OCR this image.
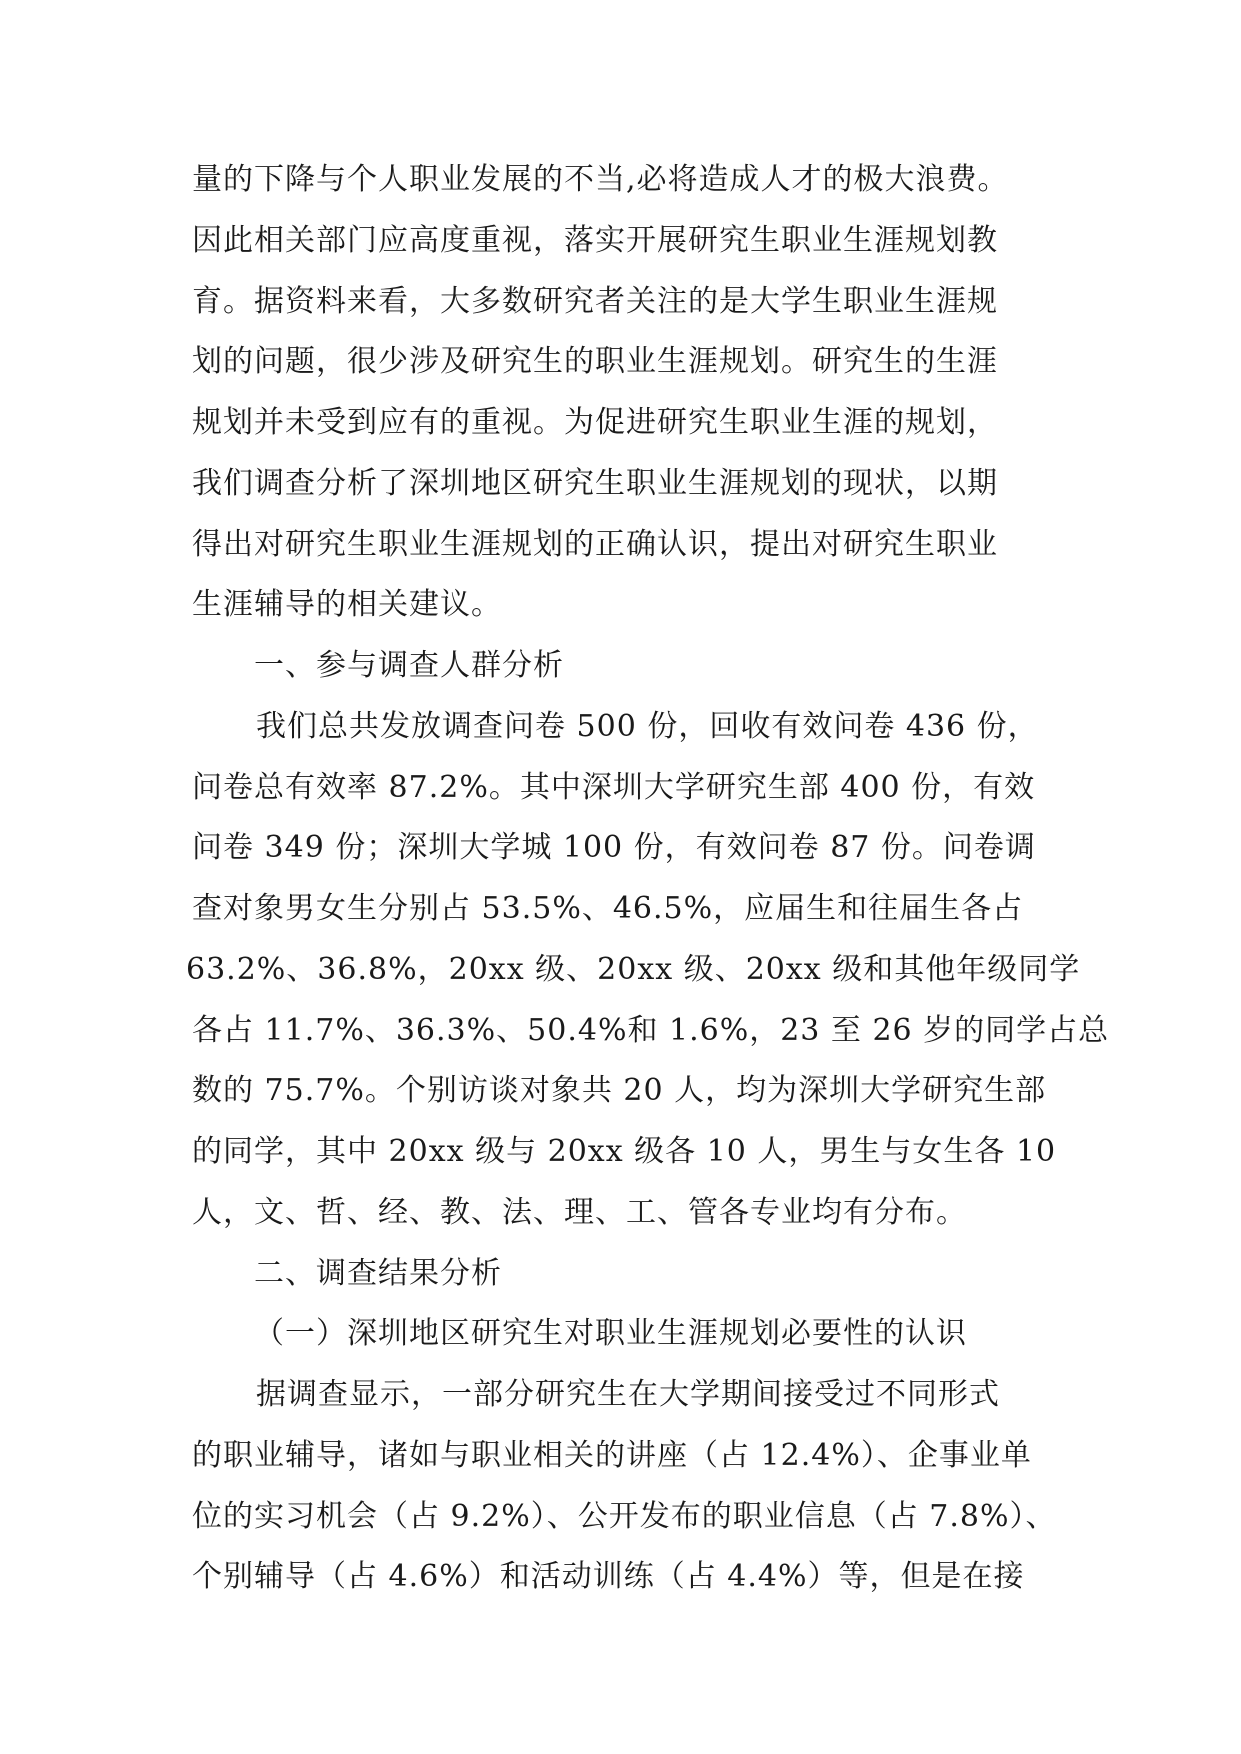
量的下降与个人职业发展的不当,必将造成人才的极大浪费。
因此相关部门应高度重视，落实开展研究生职业生涯规划教
育。据资料来看，大多数研究者关注的是大学生职业生涯规
划的问题，很少涉及研究生的职业生涯规划。研究生的生涯
规划并未受到应有的重视。为促进研究生职业生涯的规划，
我们调查分析了深圳地区研究生职业生涯规划的现状，以期
得出对研究生职业生涯规划的正确认识，提出对研究生职业
生涯辅导的相关建议。
一、参与调查人群分析
我们总共发放调查问卷 500 份，回收有效问卷 436 份，
问卷总有效率 87.2%。其中深圳大学研究生部 400 份，有效
问卷 349 份；深圳大学城 100 份，有效问卷 87 份。问卷调
查对象男女生分别占 53.5%、46.5%，应届生和往届生各占
63.2%、36.8%，20xx 级、20xx 级、20xx 级和其他年级同学
各占 11.7%、36.3%、50.4%和 1.6%，23 至 26 岁的同学占总
数的 75.7%。个别访谈对象共 20 人，均为深圳大学研究生部
的同学，其中 20xx 级与 20xx 级各 10 人，男生与女生各 10
人，文、哲、经、教、法、理、工、管各专业均有分布。
二、调查结果分析
（一）深圳地区研究生对职业生涯规划必要性的认识
据调查显示，一部分研究生在大学期间接受过不同形式
的职业辅导，诸如与职业相关的讲座（占 12.4%）、企事业单
位的实习机会（占 9.2%）、公开发布的职业信息（占 7.8%）、
个别辅导（占 4.6%）和活动训练（占 4.4%）等，但是在接
